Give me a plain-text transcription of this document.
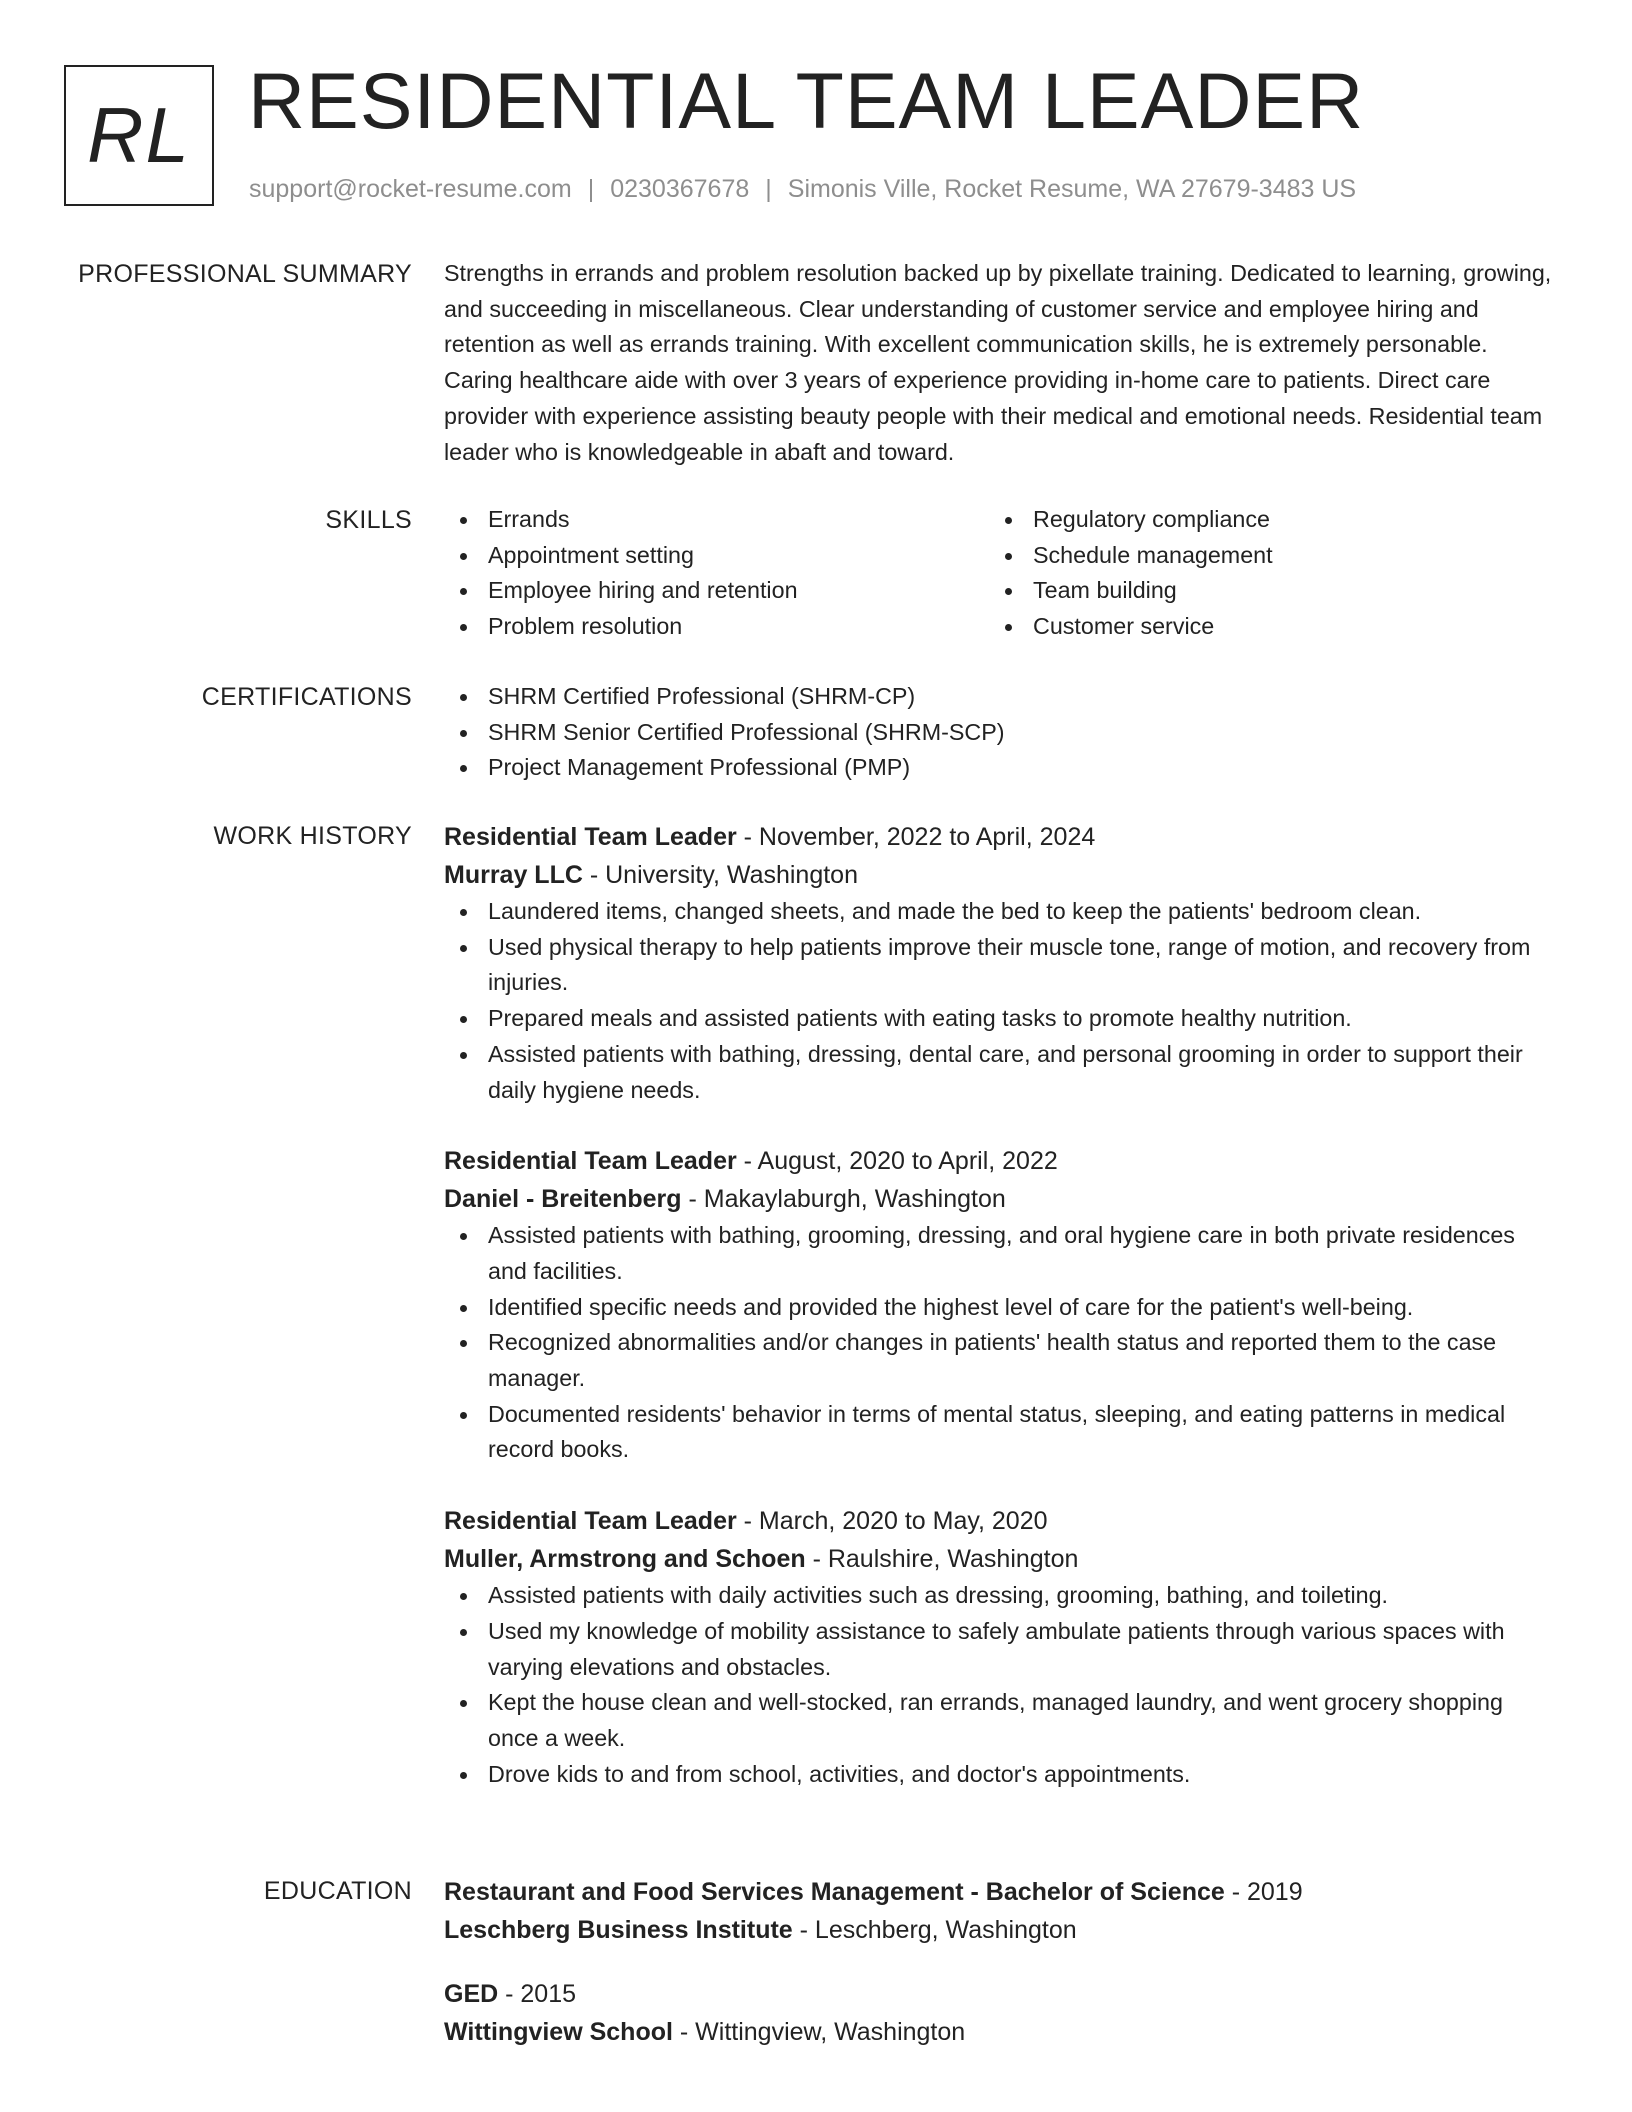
RL RESIDENTIAL TEAM LEADER
support@rocket-resume.com | 0230367678 | Simonis Ville, Rocket Resume, WA 27679-3483 US
PROFESSIONAL SUMMARY Strengths in errands and problem resolution backed up by pixellate training. Dedicated to learning, growing, and succeeding in miscellaneous. Clear understanding of customer service and employee hiring and retention as well as errands training. With excellent communication skills, he is extremely personable. Caring healthcare aide with over 3 years of experience providing in-home care to patients. Direct care provider with experience assisting beauty people with their medical and emotional needs. Residential team leader who is knowledgeable in abaft and toward.
SKILLS	Errands
Appointment setting
Employee hiring and retention
Problem resolution
Regulatory compliance
Schedule management
Team building
Customer service
CERTIFICATIONS	SHRM Certified Professional (SHRM-CP)
SHRM Senior Certified Professional (SHRM-SCP)
Project Management Professional (PMP)
WORK HISTORY Residential Team Leader - November, 2022 to April, 2024
Murray LLC - University, Washington
Laundered items, changed sheets, and made the bed to keep the patients' bedroom clean.
Used physical therapy to help patients improve their muscle tone, range of motion, and recovery from injuries.
Prepared meals and assisted patients with eating tasks to promote healthy nutrition.
Assisted patients with bathing, dressing, dental care, and personal grooming in order to support their daily hygiene needs.
Residential Team Leader - August, 2020 to April, 2022
Daniel - Breitenberg - Makaylaburgh, Washington
Assisted patients with bathing, grooming, dressing, and oral hygiene care in both private residences and facilities.
Identified specific needs and provided the highest level of care for the patient's well-being.
Recognized abnormalities and/or changes in patients' health status and reported them to the case manager.
Documented residents' behavior in terms of mental status, sleeping, and eating patterns in medical record books.
Residential Team Leader - March, 2020 to May, 2020
Muller, Armstrong and Schoen - Raulshire, Washington
Assisted patients with daily activities such as dressing, grooming, bathing, and toileting.
Used my knowledge of mobility assistance to safely ambulate patients through various spaces with varying elevations and obstacles.
Kept the house clean and well-stocked, ran errands, managed laundry, and went grocery shopping once a week.
Drove kids to and from school, activities, and doctor's appointments.
EDUCATION Restaurant and Food Services Management - Bachelor of Science - 2019
Leschberg Business Institute - Leschberg, Washington
GED - 2015
Wittingview School - Wittingview, Washington
